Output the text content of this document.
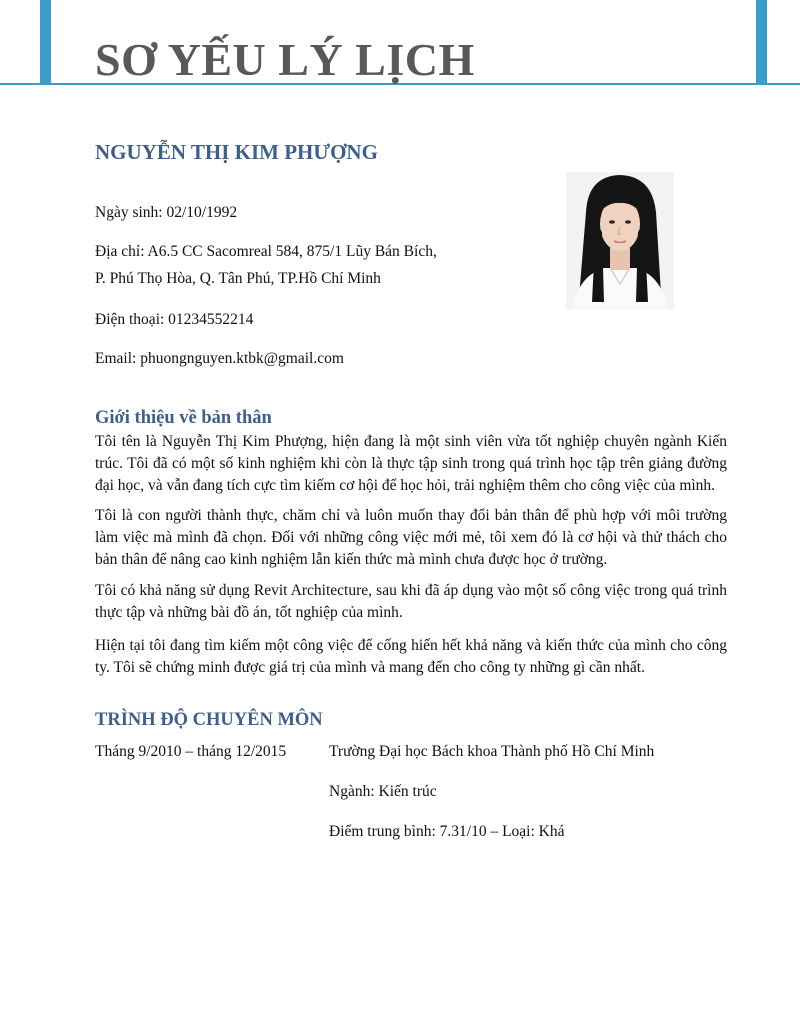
SƠ YẾU LÝ LỊCH
NGUYỄN THỊ KIM PHƯỢNG
Ngày sinh: 02/10/1992
Địa chỉ: A6.5 CC Sacomreal 584, 875/1 Lũy Bán Bích,
P. Phú Thọ Hòa, Q. Tân Phú, TP.Hồ Chí Minh
Điện thoại: 01234552214
Email: phuongnguyen.ktbk@gmail.com
Giới thiệu về bản thân

Tôi tên là Nguyễn Thị Kim Phượng, hiện đang là một sinh viên vừa tốt nghiệp chuyên ngành Kiến trúc. Tôi đã có một số kinh nghiệm khi còn là thực tập sinh trong quá trình học tập trên giảng đường đại học, và vẫn đang tích cực tìm kiếm cơ hội để học hỏi, trải nghiệm thêm cho công việc của mình.

Tôi là con người thành thực, chăm chỉ và luôn muốn thay đổi bản thân để phù hợp với môi trường làm việc mà mình đã chọn. Đối với những công việc mới mẻ, tôi xem đó là cơ hội và thử thách cho bản thân để nâng cao kinh nghiệm lẫn kiến thức mà mình chưa được học ở trường.

Tôi có khả năng sử dụng Revit Architecture, sau khi đã áp dụng vào một số công việc trong quá trình thực tập và những bài đồ án, tốt nghiệp của mình.

Hiện tại tôi đang tìm kiếm một công việc để cống hiến hết khả năng và kiến thức của mình cho công ty. Tôi sẽ chứng minh được giá trị của mình và mang đến cho công ty những gì cần nhất.

TRÌNH ĐỘ CHUYÊN MÔN
Tháng 9/2010 – tháng 12/2015	Trường Đại học Bách khoa Thành phố Hồ Chí Minh
Ngành: Kiến trúc
Điểm trung bình: 7.31/10 – Loại: Khá
